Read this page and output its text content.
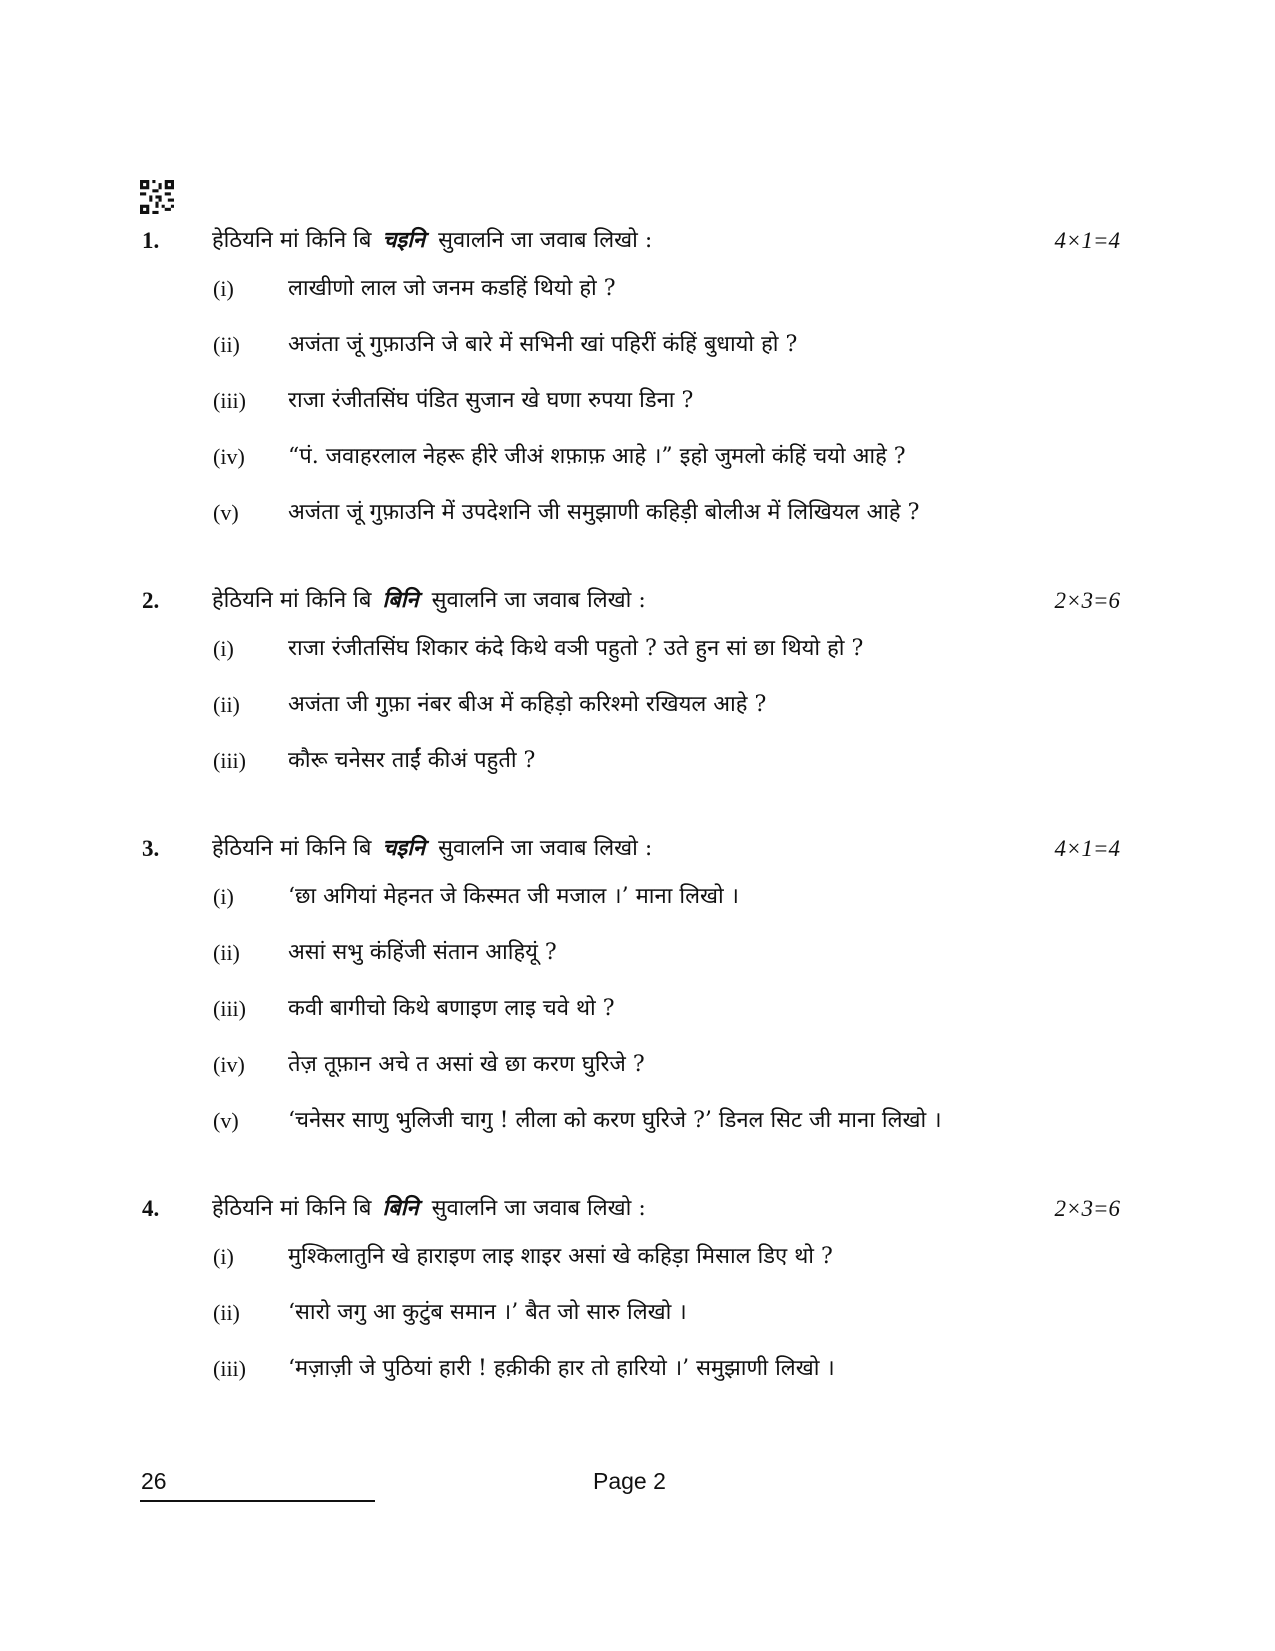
1. हेठियनि मां किनि बि चइनि सुवालनि जा जवाब लिखो :	4×1=4
(i) लाखीणो लाल जो जनम कडहिं थियो हो ?
(ii) अजंता जूं गुफ़ाउनि जे बारे में सभिनी खां पहिरीं कंहिं बुधायो हो ?
(iii) राजा रंजीतसिंघ पंडित सुजान खे घणा रुपया डिना ?
(iv) “पं. जवाहरलाल नेहरू हीरे जीअं शफ़ाफ़ आहे ।” इहो जुमलो कंहिं चयो आहे ?
(v) अजंता जूं गुफ़ाउनि में उपदेशनि जी समुझाणी कहिड़ी बोलीअ में लिखियल आहे ?
2. हेठियनि मां किनि बि बिनि सुवालनि जा जवाब लिखो :	2×3=6
(i) राजा रंजीतसिंघ शिकार कंदे किथे वञी पहुतो ? उते हुन सां छा थियो हो ?
(ii) अजंता जी गुफ़ा नंबर बीअ में कहिड़ो करिश्मो रखियल आहे ?
(iii) कौरू चनेसर ताईं कीअं पहुती ?
3. हेठियनि मां किनि बि चइनि सुवालनि जा जवाब लिखो :	4×1=4
(i) ‘छा अगियां मेहनत जे किस्मत जी मजाल ।’ माना लिखो ।
(ii) असां सभु कंहिंजी संतान आहियूं ?
(iii) कवी बागीचो किथे बणाइण लाइ चवे थो ?
(iv) तेज़ तूफ़ान अचे त असां खे छा करण घुरिजे ?
(v) ‘चनेसर साणु भुलिजी चागु ! लीला को करण घुरिजे ?’ डिनल सिट जी माना लिखो ।
4. हेठियनि मां किनि बि बिनि सुवालनि जा जवाब लिखो :	2×3=6
(i) मुश्किलातुनि खे हाराइण लाइ शाइर असां खे कहिड़ा मिसाल डिए थो ?
(ii) ‘सारो जगु आ कुटुंब समान ।’ बैत जो सारु लिखो ।
(iii) ‘मज़ाज़ी जे पुठियां हारी ! हक़ीकी हार तो हारियो ।’ समुझाणी लिखो ।
26	Page 2
